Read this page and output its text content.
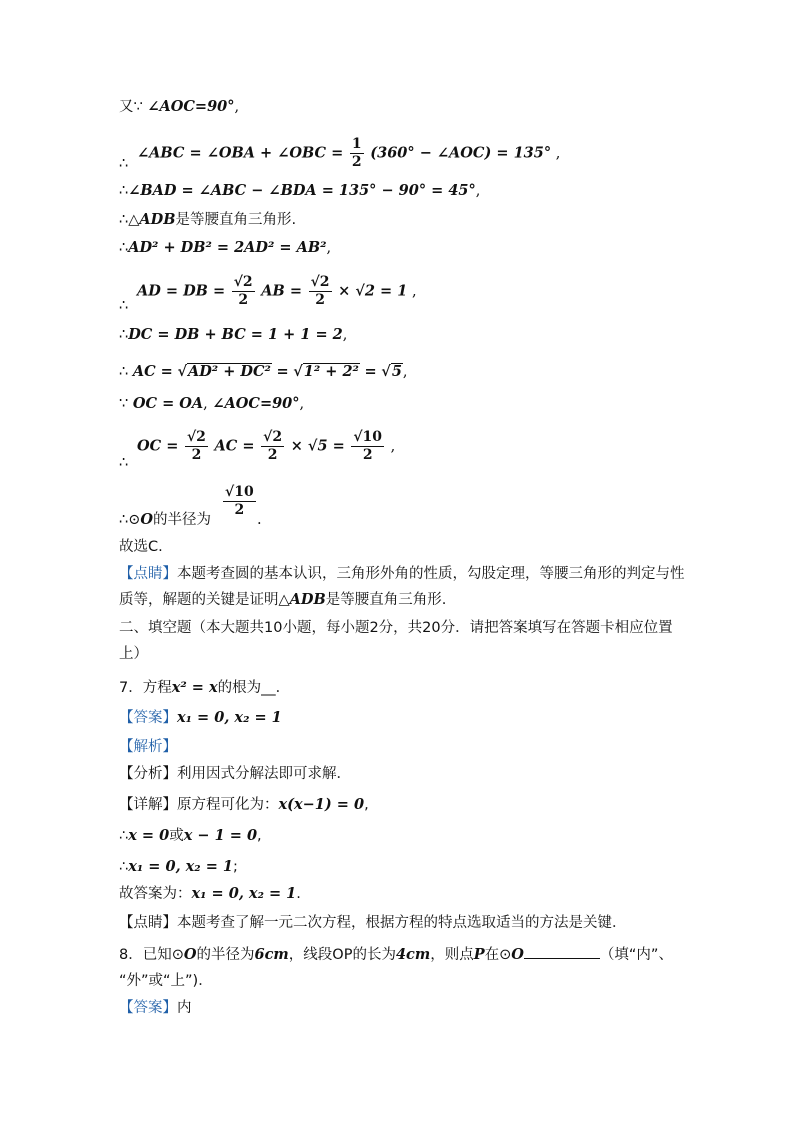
又∵ ∠AOC=90°,
∴
∠ABC = ∠OBA + ∠OBC = $\frac{1}{2} (360^\circ$ − ∠AOC) = 135° ,
∴∠BAD = ∠ABC − ∠BDA = 135° − 90° = 45°,
∴△ADB是等腰直角三角形.
∴AD² + DB² = 2AD² = AB²,
∴
AD = DB = $\frac{√2}{2}$ AB = $\frac{√2}{2} \times √2 = 1$ ,
∴DC = DB + BC = 1 + 1 = 2,
∴ AC = √AD² + DC² = √1² + 2² = √5,
∵ OC = OA, ∠AOC=90°,
∴
OC = $\frac{√2}{2}$ AC = $\frac{√2}{2} \times √5 = \frac{√10}{2}$ ,
∴⊙O的半径为
$\frac{√10}{2}$
.
故选C.
【点睛】本题考查圆的基本认识，三角形外角的性质，勾股定理，等腰三角形的判定与性
质等，解题的关键是证明△ADB是等腰直角三角形.
二、填空题（本大题共10小题，每小题2分，共20分．请把答案填写在答题卡相应位置
上）
7．方程x² = x的根为__．
【答案】x₁ = 0, x₂ = 1
【解析】
【分析】利用因式分解法即可求解．
【详解】原方程可化为：x(x−1) = 0,
∴x = 0或x − 1 = 0,
∴x₁ = 0, x₂ = 1;
故答案为：x₁ = 0, x₂ = 1.
【点睛】本题考查了解一元二次方程，根据方程的特点选取适当的方法是关键．
8．已知⊙O的半径为6cm，线段OP的长为4cm，则点P在⊙O	（填“内”、
“外”或“上”)．
【答案】内
